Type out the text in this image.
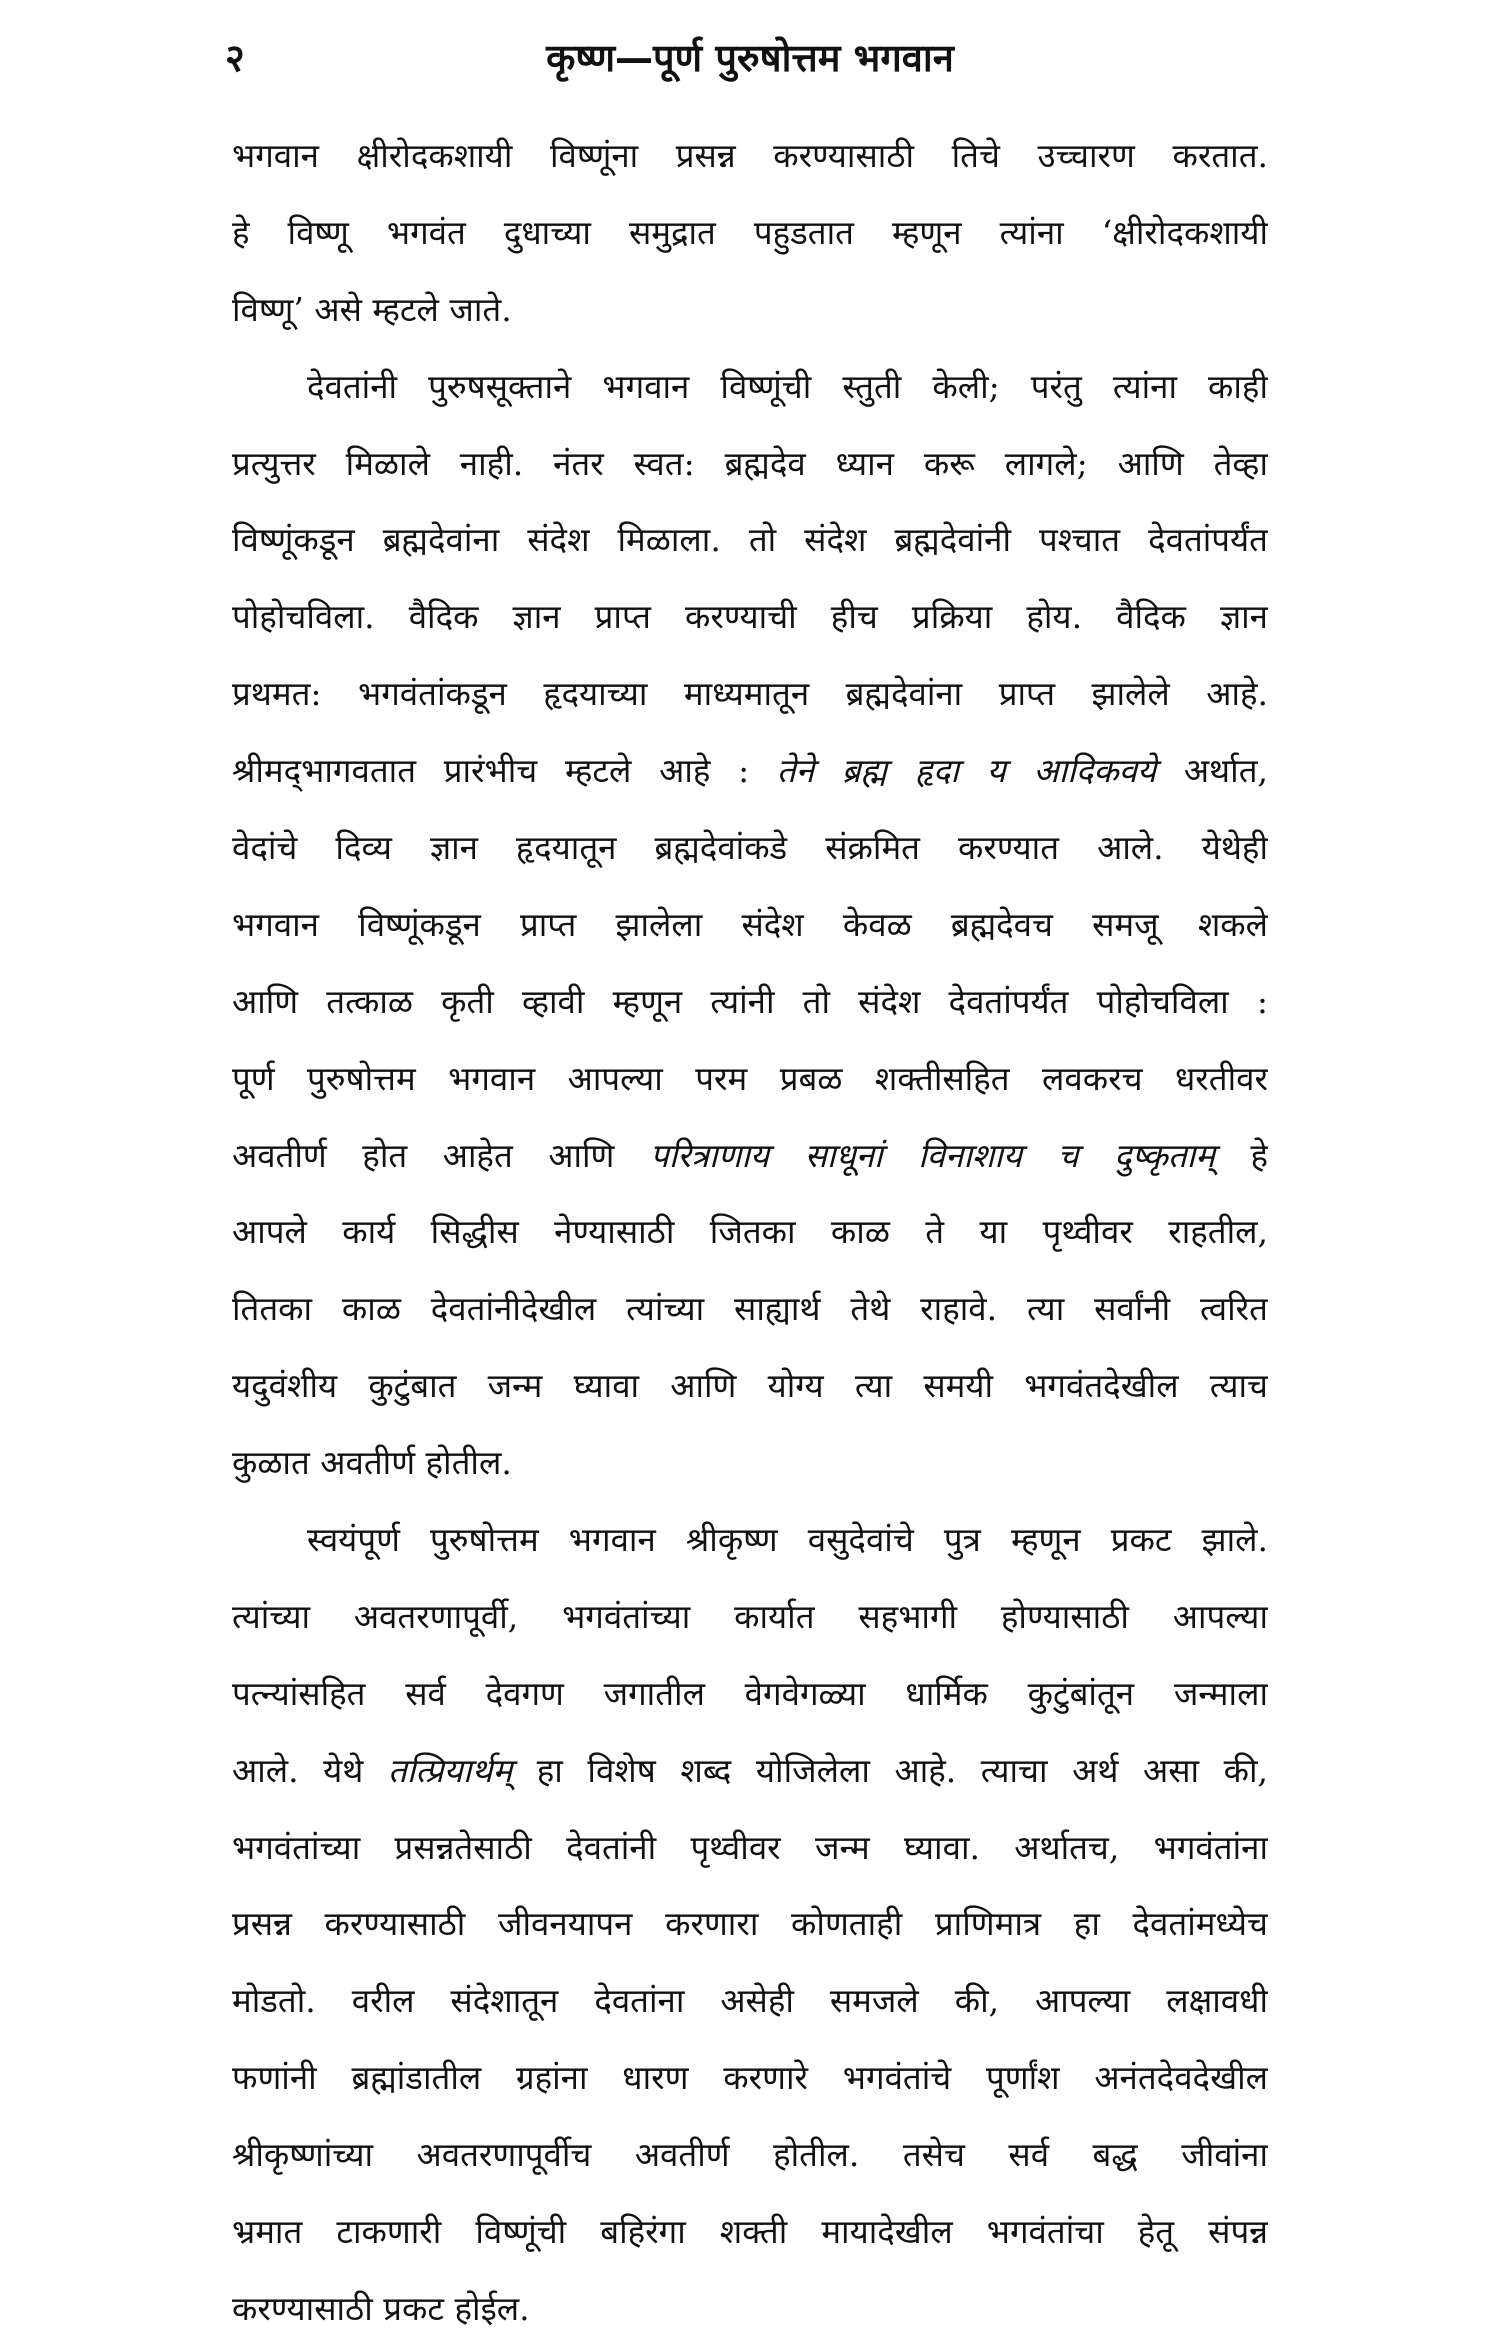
२	कृष्ण—पूर्ण पुरुषोत्तम भगवान
भगवान क्षीरोदकशायी विष्णूंना प्रसन्न करण्यासाठी तिचे उच्चारण करतात.
हे विष्णू भगवंत दुधाच्या समुद्रात पहुडतात म्हणून त्यांना ‘क्षीरोदकशायी
विष्णू’ असे म्हटले जाते.
देवतांनी पुरुषसूक्ताने भगवान विष्णूंची स्तुती केली; परंतु त्यांना काही
प्रत्युत्तर मिळाले नाही. नंतर स्वत: ब्रह्मदेव ध्यान करू लागले; आणि तेव्हा
विष्णूंकडून ब्रह्मदेवांना संदेश मिळाला. तो संदेश ब्रह्मदेवांनी पश्चात देवतांपर्यंत
पोहोचविला. वैदिक ज्ञान प्राप्त करण्याची हीच प्रक्रिया होय. वैदिक ज्ञान
प्रथमत: भगवंतांकडून हृदयाच्या माध्यमातून ब्रह्मदेवांना प्राप्त झालेले आहे.
श्रीमद्‌भागवतात प्रारंभीच म्हटले आहे : तेने ब्रह्म हृदा य आदिकवये अर्थात,
वेदांचे दिव्य ज्ञान हृदयातून ब्रह्मदेवांकडे संक्रमित करण्यात आले. येथेही
भगवान विष्णूंकडून प्राप्त झालेला संदेश केवळ ब्रह्मदेवच समजू शकले
आणि तत्काळ कृती व्हावी म्हणून त्यांनी तो संदेश देवतांपर्यंत पोहोचविला :
पूर्ण पुरुषोत्तम भगवान आपल्या परम प्रबळ शक्तीसहित लवकरच धरतीवर
अवतीर्ण होत आहेत आणि परित्राणाय साधूनां विनाशाय च दुष्कृताम् हे
आपले कार्य सिद्धीस नेण्यासाठी जितका काळ ते या पृथ्वीवर राहतील,
तितका काळ देवतांनीदेखील त्यांच्या साह्यार्थ तेथे राहावे. त्या सर्वांनी त्वरित
यदुवंशीय कुटुंबात जन्म घ्यावा आणि योग्य त्या समयी भगवंतदेखील त्याच
कुळात अवतीर्ण होतील.
स्वयंपूर्ण पुरुषोत्तम भगवान श्रीकृष्ण वसुदेवांचे पुत्र म्हणून प्रकट झाले.
त्यांच्या अवतरणापूर्वी, भगवंतांच्या कार्यात सहभागी होण्यासाठी आपल्या
पत्न्यांसहित सर्व देवगण जगातील वेगवेगळ्या धार्मिक कुटुंबांतून जन्माला
आले. येथे तत्प्रियार्थम् हा विशेष शब्द योजिलेला आहे. त्याचा अर्थ असा की,
भगवंतांच्या प्रसन्नतेसाठी देवतांनी पृथ्वीवर जन्म घ्यावा. अर्थातच, भगवंतांना
प्रसन्न करण्यासाठी जीवनयापन करणारा कोणताही प्राणिमात्र हा देवतांमध्येच
मोडतो. वरील संदेशातून देवतांना असेही समजले की, आपल्या लक्षावधी
फणांनी ब्रह्मांडातील ग्रहांना धारण करणारे भगवंतांचे पूर्णांश अनंतदेवदेखील
श्रीकृष्णांच्या अवतरणापूर्वीच अवतीर्ण होतील. तसेच सर्व बद्ध जीवांना
भ्रमात टाकणारी विष्णूंची बहिरंगा शक्ती मायादेखील भगवंतांचा हेतू संपन्न
करण्यासाठी प्रकट होईल.
